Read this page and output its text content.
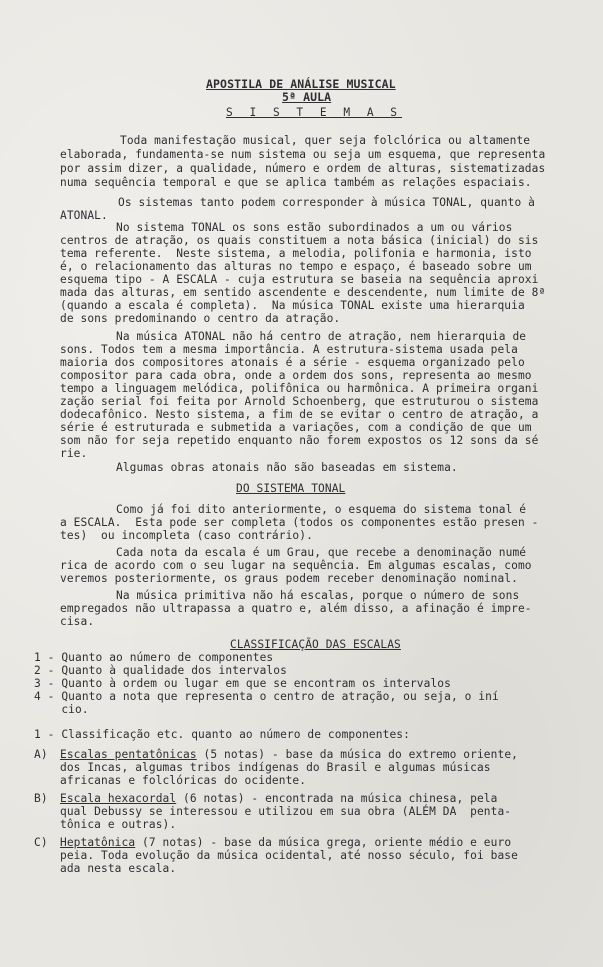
APOSTILA DE ANÁLISE MUSICAL
5ª AULA
S I S T E M A S
Toda manifestação musical, quer seja folclórica ou altamente
elaborada, fundamenta-se num sistema ou seja um esquema, que representa
por assim dizer, a qualidade, número e ordem de alturas, sistematizadas
numa sequência temporal e que se aplica também as relações espaciais.
Os sistemas tanto podem corresponder à música TONAL, quanto à
ATONAL.
No sistema TONAL os sons estão subordinados a um ou vários
centros de atração, os quais constituem a nota básica (inicial) do sis
tema referente.  Neste sistema, a melodia, polifonia e harmonia, isto
é, o relacionamento das alturas no tempo e espaço, é baseado sobre um
esquema tipo - A ESCALA - cuja estrutura se baseia na sequência aproxi
mada das alturas, em sentido ascendente e descendente, num limite de 8ª
(quando a escala é completa).  Na música TONAL existe uma hierarquia
de sons predominando o centro da atração.
Na música ATONAL não há centro de atração, nem hierarquia de
sons. Todos tem a mesma importância. A estrutura-sistema usada pela
maioria dos compositores atonais é a série - esquema organizado pelo
compositor para cada obra, onde a ordem dos sons, representa ao mesmo
tempo a linguagem melódica, polifônica ou harmônica. A primeira organi
zação serial foi feita por Arnold Schoenberg, que estruturou o sistema
dodecafônico. Nesto sistema, a fim de se evitar o centro de atração, a
série é estruturada e submetida a variações, com a condição de que um
som não for seja repetido enquanto não forem expostos os 12 sons da sé
rie.
Algumas obras atonais não são baseadas em sistema.
DO SISTEMA TONAL
Como já foi dito anteriormente, o esquema do sistema tonal é
a ESCALA.  Esta pode ser completa (todos os componentes estão presen -
tes)  ou incompleta (caso contrário).
Cada nota da escala é um Grau, que recebe a denominação numé
rica de acordo com o seu lugar na sequência. Em algumas escalas, como
veremos posteriormente, os graus podem receber denominação nominal.
Na música primitiva não há escalas, porque o número de sons
empregados não ultrapassa a quatro e, além disso, a afinação é impre-
cisa.
CLASSIFICAÇÃO DAS ESCALAS
1 - Quanto ao número de componentes
2 - Quanto à qualidade dos intervalos
3 - Quanto à ordem ou lugar em que se encontram os intervalos
4 - Quanto a nota que representa o centro de atração, ou seja, o iní
cio.
1 - Classificação etc. quanto ao número de componentes:
A) Escalas pentatônicas (5 notas) - base da música do extremo oriente,
dos Incas, algumas tribos indígenas do Brasil e algumas músicas
africanas e folclóricas do ocidente.
B) Escala hexacordal (6 notas) - encontrada na música chinesa, pela
qual Debussy se interessou e utilizou em sua obra (ALÉM DA  penta-
tônica e outras).
C) Heptatônica (7 notas) - base da música grega, oriente médio e euro
peia. Toda evolução da música ocidental, até nosso século, foi base
ada nesta escala.
